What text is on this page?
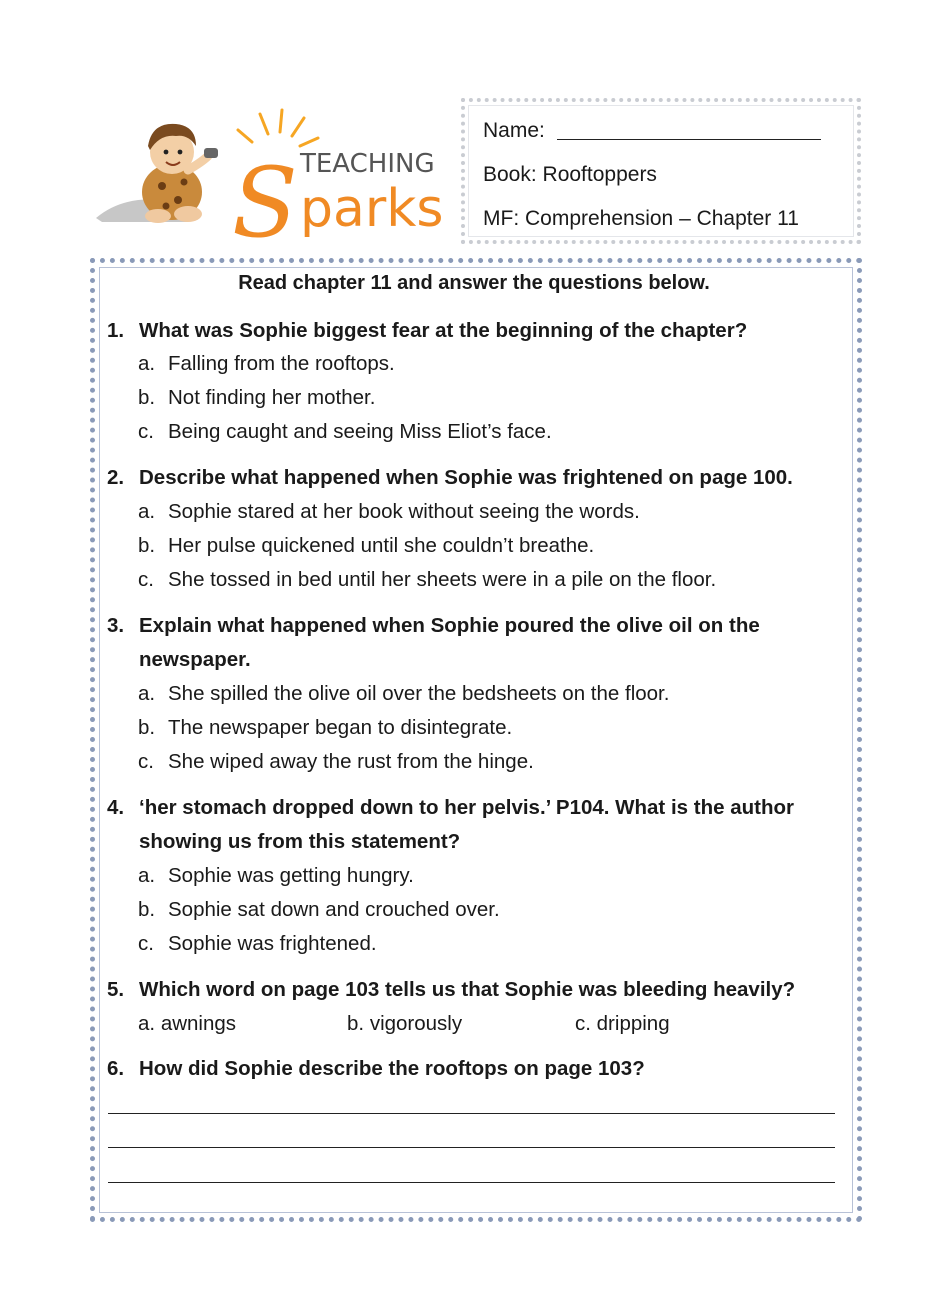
TEACHING
S parks
Name:
Book: Rooftoppers
MF: Comprehension – Chapter 11
Read chapter 11 and answer the questions below.
1. What was Sophie biggest fear at the beginning of the chapter?
a. Falling from the rooftops.
b. Not finding her mother.
c. Being caught and seeing Miss Eliot’s face.
2. Describe what happened when Sophie was frightened on page 100.
a. Sophie stared at her book without seeing the words.
b. Her pulse quickened until she couldn’t breathe.
c. She tossed in bed until her sheets were in a pile on the floor.
3. Explain what happened when Sophie poured the olive oil on the newspaper.
a. She spilled the olive oil over the bedsheets on the floor.
b. The newspaper began to disintegrate.
c. She wiped away the rust from the hinge.
4. ‘her stomach dropped down to her pelvis.’ P104. What is the author showing us from this statement?
a. Sophie was getting hungry.
b. Sophie sat down and crouched over.
c. Sophie was frightened.
5. Which word on page 103 tells us that Sophie was bleeding heavily?
a. awnings	b. vigorously	c. dripping
6. How did Sophie describe the rooftops on page 103?
